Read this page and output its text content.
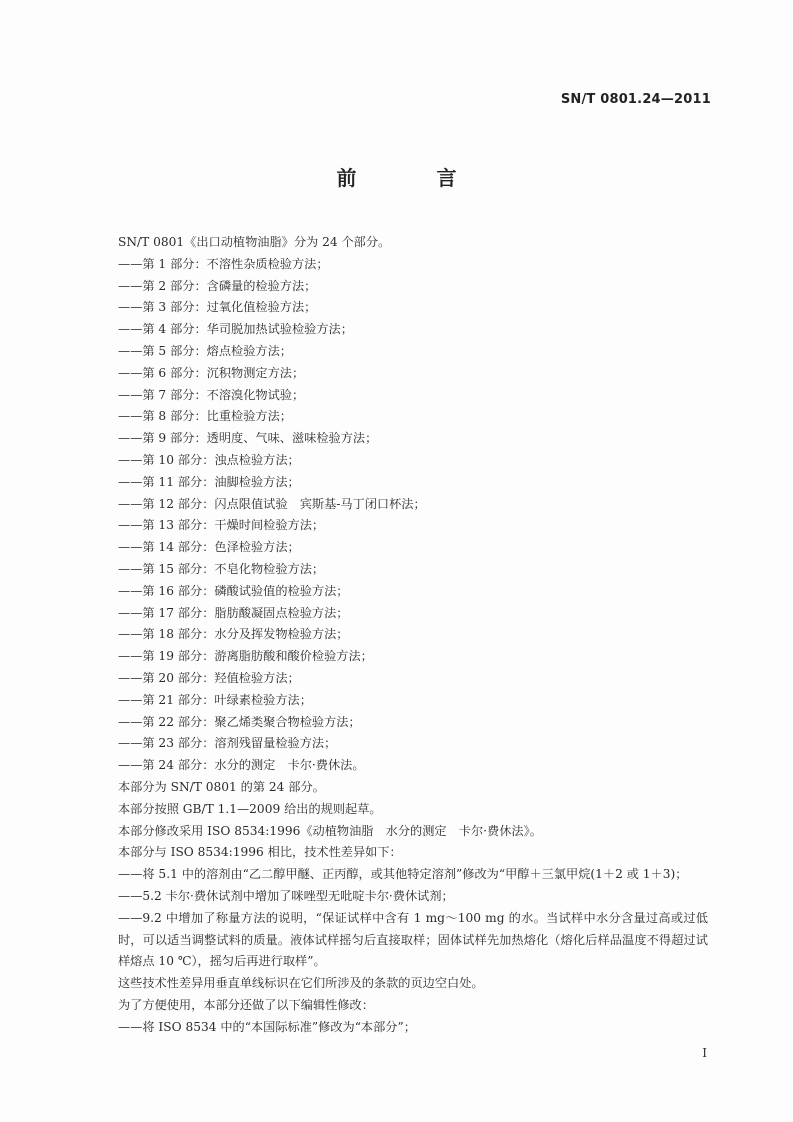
SN/T 0801.24—2011
前　言
SN/T 0801《出口动植物油脂》分为 24 个部分。
——第 1 部分：不溶性杂质检验方法；
——第 2 部分：含磷量的检验方法；
——第 3 部分：过氧化值检验方法；
——第 4 部分：华司脱加热试验检验方法；
——第 5 部分：熔点检验方法；
——第 6 部分：沉积物测定方法；
——第 7 部分：不溶溴化物试验；
——第 8 部分：比重检验方法；
——第 9 部分：透明度、气味、滋味检验方法；
——第 10 部分：浊点检验方法；
——第 11 部分：油脚检验方法；
——第 12 部分：闪点限值试验　宾斯基-马丁闭口杯法；
——第 13 部分：干燥时间检验方法；
——第 14 部分：色泽检验方法；
——第 15 部分：不皂化物检验方法；
——第 16 部分：磷酸试验值的检验方法；
——第 17 部分：脂肪酸凝固点检验方法；
——第 18 部分：水分及挥发物检验方法；
——第 19 部分：游离脂肪酸和酸价检验方法；
——第 20 部分：羟值检验方法；
——第 21 部分：叶绿素检验方法；
——第 22 部分：聚乙烯类聚合物检验方法；
——第 23 部分：溶剂残留量检验方法；
——第 24 部分：水分的测定　卡尔·费休法。
本部分为 SN/T 0801 的第 24 部分。
本部分按照 GB/T 1.1—2009 给出的规则起草。
本部分修改采用 ISO 8534:1996《动植物油脂　水分的测定　卡尔·费休法》。
本部分与 ISO 8534:1996 相比，技术性差异如下：
——将 5.1 中的溶剂由“乙二醇甲醚、正丙醇，或其他特定溶剂”修改为“甲醇＋三氯甲烷(1＋2 或 1＋3)；
——5.2 卡尔·费休试剂中增加了咪唑型无吡啶卡尔·费休试剂；
——9.2 中增加了称量方法的说明，“保证试样中含有 1 mg～100 mg 的水。当试样中水分含量过高或过低时，可以适当调整试料的质量。液体试样摇匀后直接取样；固体试样先加热熔化（熔化后样品温度不得超过试样熔点 10 ℃），摇匀后再进行取样”。
这些技术性差异用垂直单线标识在它们所涉及的条款的页边空白处。
为了方便使用，本部分还做了以下编辑性修改：
——将 ISO 8534 中的“本国际标准”修改为“本部分”；
I
